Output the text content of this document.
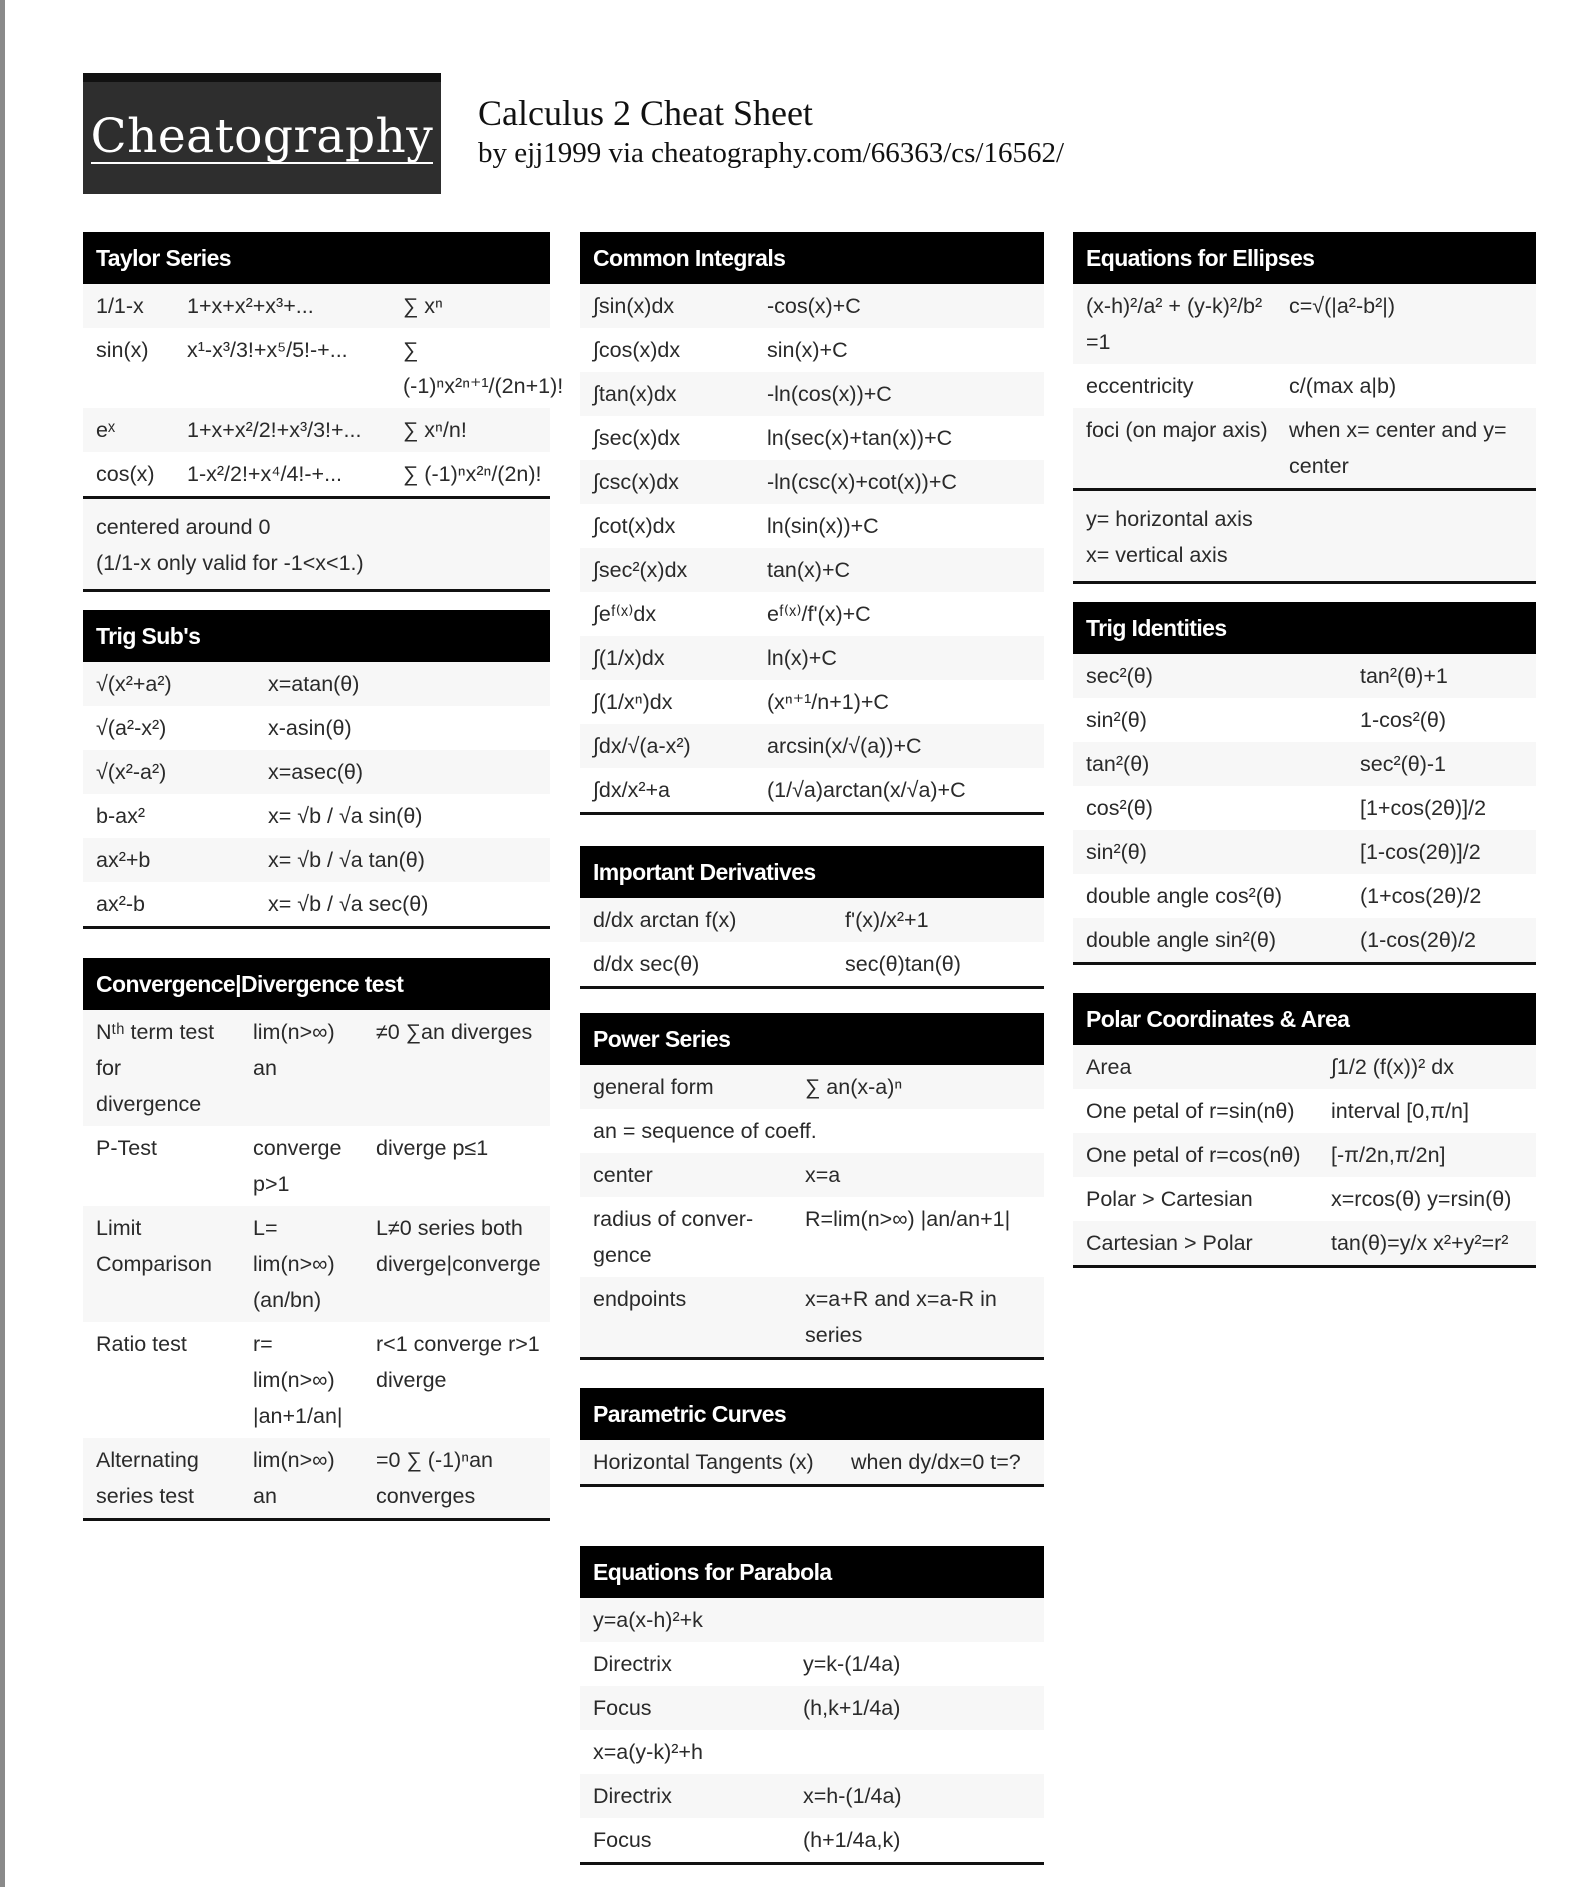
Cheatography Calculus 2 Cheat Sheet
by ejj1999 via cheatography.com/66363/cs/16562/
Taylor Series
1/1-x	1+x+x²+x³+...	∑ xⁿ
sin(x)	x¹-x³/3!+x⁵/5!-+...	∑ (-1)ⁿx²ⁿ⁺¹/(2n+1)!
eˣ	1+x+x²/2!+x³/3!+...	∑ xⁿ/n!
cos(x)	1-x²/2!+x⁴/4!-+...	∑ (-1)ⁿx²ⁿ/(2n)!
centered around 0
(1/1-x only valid for -1<x<1.)
Trig Sub's
√(x²+a²)	x=atan(θ)
√(a²-x²)	x-asin(θ)
√(x²-a²)	x=asec(θ)
b-ax²	x= √b / √a sin(θ)
ax²+b	x= √b / √a tan(θ)
ax²-b	x= √b / √a sec(θ)
Convergence|Divergence test
Nᵗʰ term test for divergence	lim(n>∞) an	≠0 ∑an diverges
P-Test	converge p>1	diverge p≤1
Limit Comparison	L= lim(n>∞) (an/bn)	L≠0 series both diverge|converge
Ratio test	r= lim(n>∞) |an+1/an|	r<1 converge r>1 diverge
Alternating series test	lim(n>∞) an	=0 ∑ (-1)ⁿan converges
Common Integrals
∫sin(x)dx	-cos(x)+C
∫cos(x)dx	sin(x)+C
∫tan(x)dx	-ln(cos(x))+C
∫sec(x)dx	ln(sec(x)+tan(x))+C
∫csc(x)dx	-ln(csc(x)+cot(x))+C
∫cot(x)dx	ln(sin(x))+C
∫sec²(x)dx	tan(x)+C
∫eᶠ⁽ˣ⁾dx	eᶠ⁽ˣ⁾/f'(x)+C
∫(1/x)dx	ln(x)+C
∫(1/xⁿ)dx	(xⁿ⁺¹/n+1)+C
∫dx/√(a-x²)	arcsin(x/√(a))+C
∫dx/x²+a	(1/√a)arctan(x/√a)+C
Important Derivatives
d/dx arctan f(x)	f'(x)/x²+1
d/dx sec(θ)	sec(θ)tan(θ)
Power Series
general form	∑ an(x-a)ⁿ
an = sequence of coeff.	
center	x=a
radius of convergence	R=lim(n>∞) |an/an+1|
endpoints	x=a+R and x=a-R in series
Parametric Curves
Horizontal Tangents (x)	when dy/dx=0 t=?
Equations for Parabola
y=a(x-h)²+k	
Directrix	y=k-(1/4a)
Focus	(h,k+1/4a)
x=a(y-k)²+h	
Directrix	x=h-(1/4a)
Focus	(h+1/4a,k)
Equations for Ellipses
(x-h)²/a² + (y-k)²/b² =1	c=√(|a²-b²|)
eccentricity	c/(max a|b)
foci (on major axis)	when x= center and y= center
y= horizontal axis
x= vertical axis
Trig Identities
sec²(θ)	tan²(θ)+1
sin²(θ)	1-cos²(θ)
tan²(θ)	sec²(θ)-1
cos²(θ)	[1+cos(2θ)]/2
sin²(θ)	[1-cos(2θ)]/2
double angle cos²(θ)	(1+cos(2θ)/2
double angle sin²(θ)	(1-cos(2θ)/2
Polar Coordinates & Area
Area	∫1/2 (f(x))² dx
One petal of r=sin(nθ)	interval [0,π/n]
One petal of r=cos(nθ)	[-π/2n,π/2n]
Polar > Cartesian	x=rcos(θ) y=rsin(θ)
Cartesian > Polar	tan(θ)=y/x x²+y²=r²
